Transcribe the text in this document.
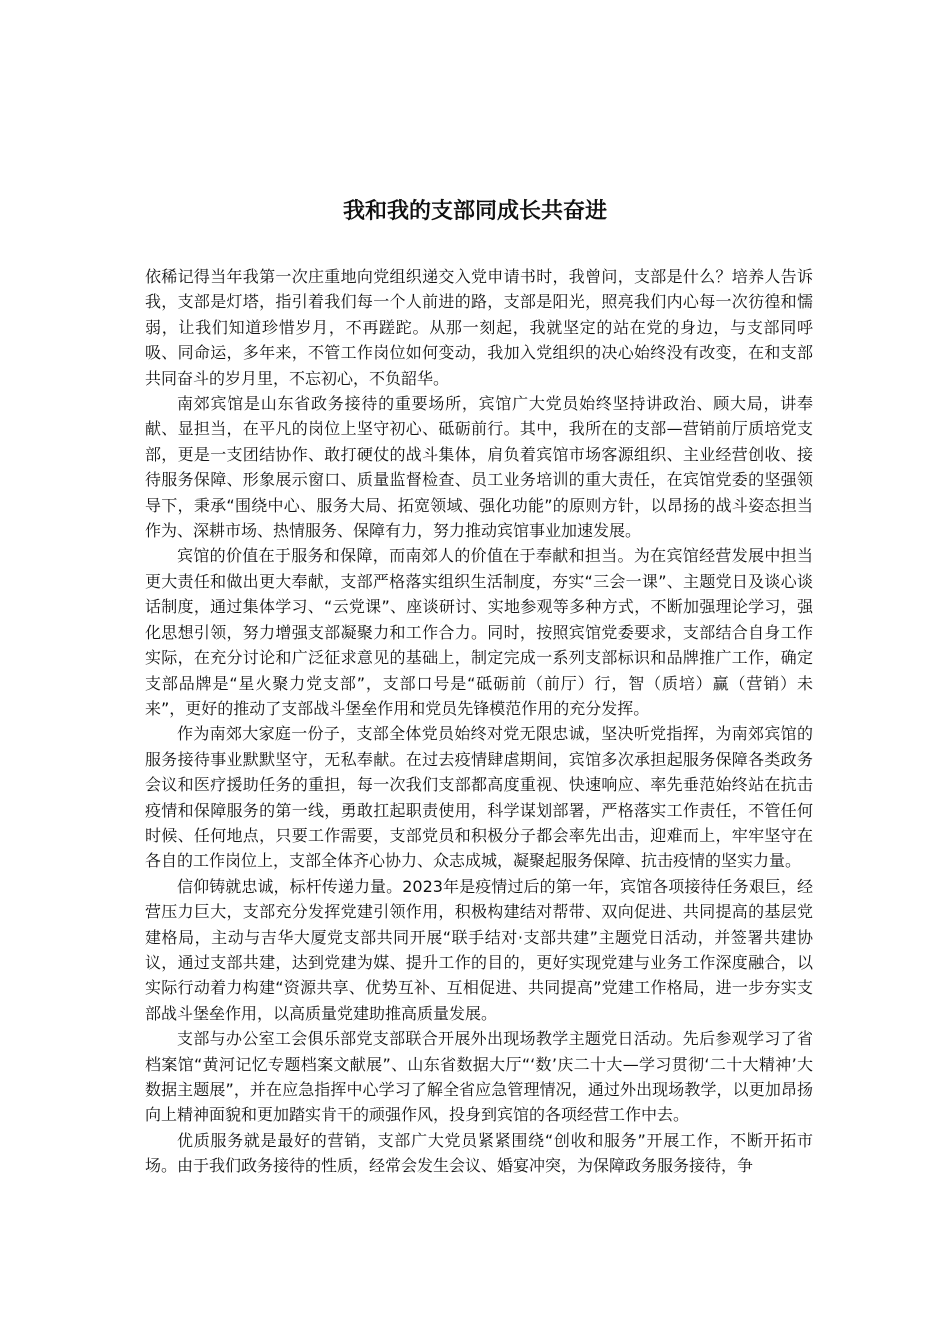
我和我的支部同成长共奋进

依稀记得当年我第一次庄重地向党组织递交入党申请书时，我曾问，支部是什么？培养人告诉我，支部是灯塔，指引着我们每一个人前进的路，支部是阳光，照亮我们内心每一次彷徨和懦弱，让我们知道珍惜岁月，不再蹉跎。从那一刻起，我就坚定的站在党的身边，与支部同呼吸、同命运，多年来，不管工作岗位如何变动，我加入党组织的决心始终没有改变，在和支部共同奋斗的岁月里，不忘初心，不负韶华。

南郊宾馆是山东省政务接待的重要场所，宾馆广大党员始终坚持讲政治、顾大局，讲奉献、显担当，在平凡的岗位上坚守初心、砥砺前行。其中，我所在的支部—营销前厅质培党支部，更是一支团结协作、敢打硬仗的战斗集体，肩负着宾馆市场客源组织、主业经营创收、接待服务保障、形象展示窗口、质量监督检查、员工业务培训的重大责任，在宾馆党委的坚强领导下，秉承“围绕中心、服务大局、拓宽领域、强化功能”的原则方针，以昂扬的战斗姿态担当作为、深耕市场、热情服务、保障有力，努力推动宾馆事业加速发展。

宾馆的价值在于服务和保障，而南郊人的价值在于奉献和担当。为在宾馆经营发展中担当更大责任和做出更大奉献，支部严格落实组织生活制度，夯实“三会一课”、主题党日及谈心谈话制度，通过集体学习、“云党课”、座谈研讨、实地参观等多种方式，不断加强理论学习，强化思想引领，努力增强支部凝聚力和工作合力。同时，按照宾馆党委要求，支部结合自身工作实际，在充分讨论和广泛征求意见的基础上，制定完成一系列支部标识和品牌推广工作，确定支部品牌是“星火聚力党支部”，支部口号是“砥砺前（前厅）行，智（质培）赢（营销）未来”，更好的推动了支部战斗堡垒作用和党员先锋模范作用的充分发挥。

作为南郊大家庭一份子，支部全体党员始终对党无限忠诚，坚决听党指挥，为南郊宾馆的服务接待事业默默坚守，无私奉献。在过去疫情肆虐期间，宾馆多次承担起服务保障各类政务会议和医疗援助任务的重担，每一次我们支部都高度重视、快速响应、率先垂范始终站在抗击疫情和保障服务的第一线，勇敢扛起职责使用，科学谋划部署，严格落实工作责任，不管任何时候、任何地点，只要工作需要，支部党员和积极分子都会率先出击，迎难而上，牢牢坚守在各自的工作岗位上，支部全体齐心协力、众志成城，凝聚起服务保障、抗击疫情的坚实力量。

信仰铸就忠诚，标杆传递力量。2023年是疫情过后的第一年，宾馆各项接待任务艰巨，经营压力巨大，支部充分发挥党建引领作用，积极构建结对帮带、双向促进、共同提高的基层党建格局，主动与吉华大厦党支部共同开展“联手结对·支部共建”主题党日活动，并签署共建协议，通过支部共建，达到党建为媒、提升工作的目的，更好实现党建与业务工作深度融合，以实际行动着力构建“资源共享、优势互补、互相促进、共同提高”党建工作格局，进一步夯实支部战斗堡垒作用，以高质量党建助推高质量发展。

支部与办公室工会俱乐部党支部联合开展外出现场教学主题党日活动。先后参观学习了省档案馆“黄河记忆专题档案文献展”、山东省数据大厅“‘数’庆二十大—学习贯彻‘二十大精神’大数据主题展”，并在应急指挥中心学习了解全省应急管理情况，通过外出现场教学，以更加昂扬向上精神面貌和更加踏实肯干的顽强作风，投身到宾馆的各项经营工作中去。

优质服务就是最好的营销，支部广大党员紧紧围绕“创收和服务”开展工作，不断开拓市场。由于我们政务接待的性质，经常会发生会议、婚宴冲突，为保障政务服务接待，争
